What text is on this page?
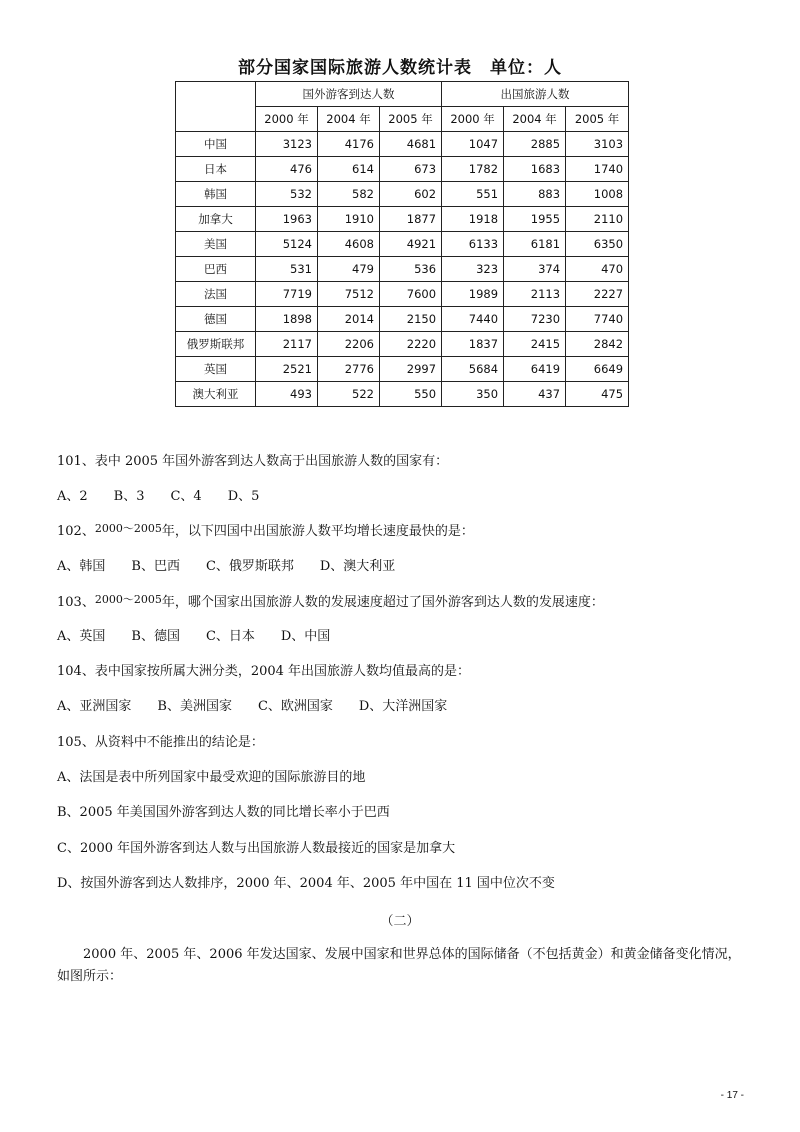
部分国家国际旅游人数统计表　单位：人
	国外游客到达人数			出国旅游人数		
	2000 年	2004 年	2005 年	2000 年	2004 年	2005 年
中国	3123	4176	4681	1047	2885	3103
日本	476	614	673	1782	1683	1740
韩国	532	582	602	551	883	1008
加拿大	1963	1910	1877	1918	1955	2110
美国	5124	4608	4921	6133	6181	6350
巴西	531	479	536	323	374	470
法国	7719	7512	7600	1989	2113	2227
德国	1898	2014	2150	7440	7230	7740
俄罗斯联邦	2117	2206	2220	1837	2415	2842
英国	2521	2776	2997	5684	6419	6649
澳大利亚	493	522	550	350	437	475
101、表中 2005 年国外游客到达人数高于出国旅游人数的国家有：
A、2　　B、3　　C、4　　D、5
102、$^{2000\sim 2005}$年，以下四国中出国旅游人数平均增长速度最快的是：
A、韩国　　B、巴西　　C、俄罗斯联邦　　D、澳大利亚
103、$^{2000\sim 2005}$年，哪个国家出国旅游人数的发展速度超过了国外游客到达人数的发展速度：
A、英国　　B、德国　　C、日本　　D、中国
104、表中国家按所属大洲分类，2004 年出国旅游人数均值最高的是：
A、亚洲国家　　B、美洲国家　　C、欧洲国家　　D、大洋洲国家
105、从资料中不能推出的结论是：
A、法国是表中所列国家中最受欢迎的国际旅游目的地
B、2005 年美国国外游客到达人数的同比增长率小于巴西
C、2000 年国外游客到达人数与出国旅游人数最接近的国家是加拿大
D、按国外游客到达人数排序，2000 年、2004 年、2005 年中国在 11 国中位次不变
（二）
2000 年、2005 年、2006 年发达国家、发展中国家和世界总体的国际储备（不包括黄金）和黄金储备变化情况，如图所示：
- 17 -
